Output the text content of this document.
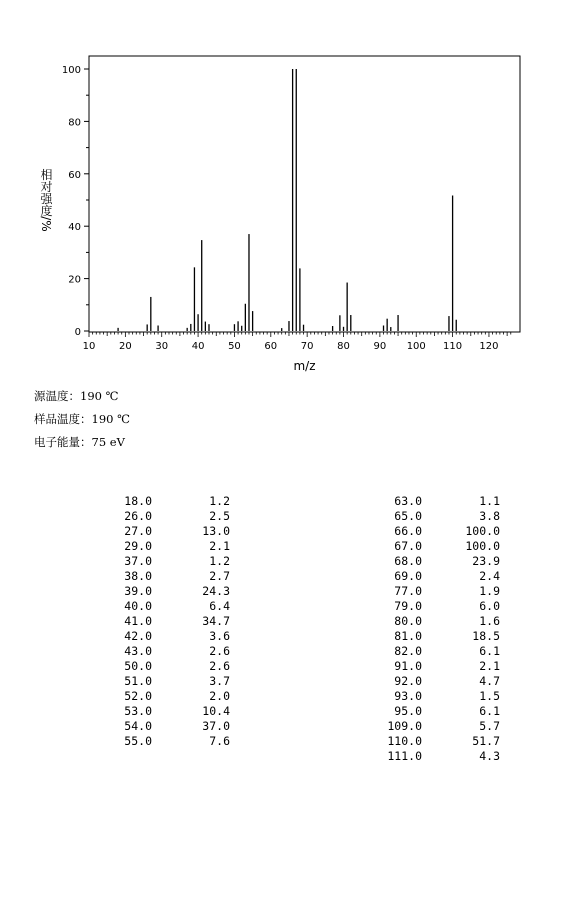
0
20
40
60
80
100
10 20 30 40 50 60 70 80 90 100 110 120
m/z
相对强度/%
源温度：190 ℃
样品温度：190 ℃
电子能量：75 eV
18.0	1.2
26.0	2.5
27.0	13.0
29.0	2.1
37.0	1.2
38.0	2.7
39.0	24.3
40.0	6.4
41.0	34.7
42.0	3.6
43.0	2.6
50.0	2.6
51.0	3.7
52.0	2.0
53.0	10.4
54.0	37.0
55.0	7.6
63.0	1.1
65.0	3.8
66.0	100.0
67.0	100.0
68.0	23.9
69.0	2.4
77.0	1.9
79.0	6.0
80.0	1.6
81.0	18.5
82.0	6.1
91.0	2.1
92.0	4.7
93.0	1.5
95.0	6.1
109.0	5.7
110.0	51.7
111.0	4.3
